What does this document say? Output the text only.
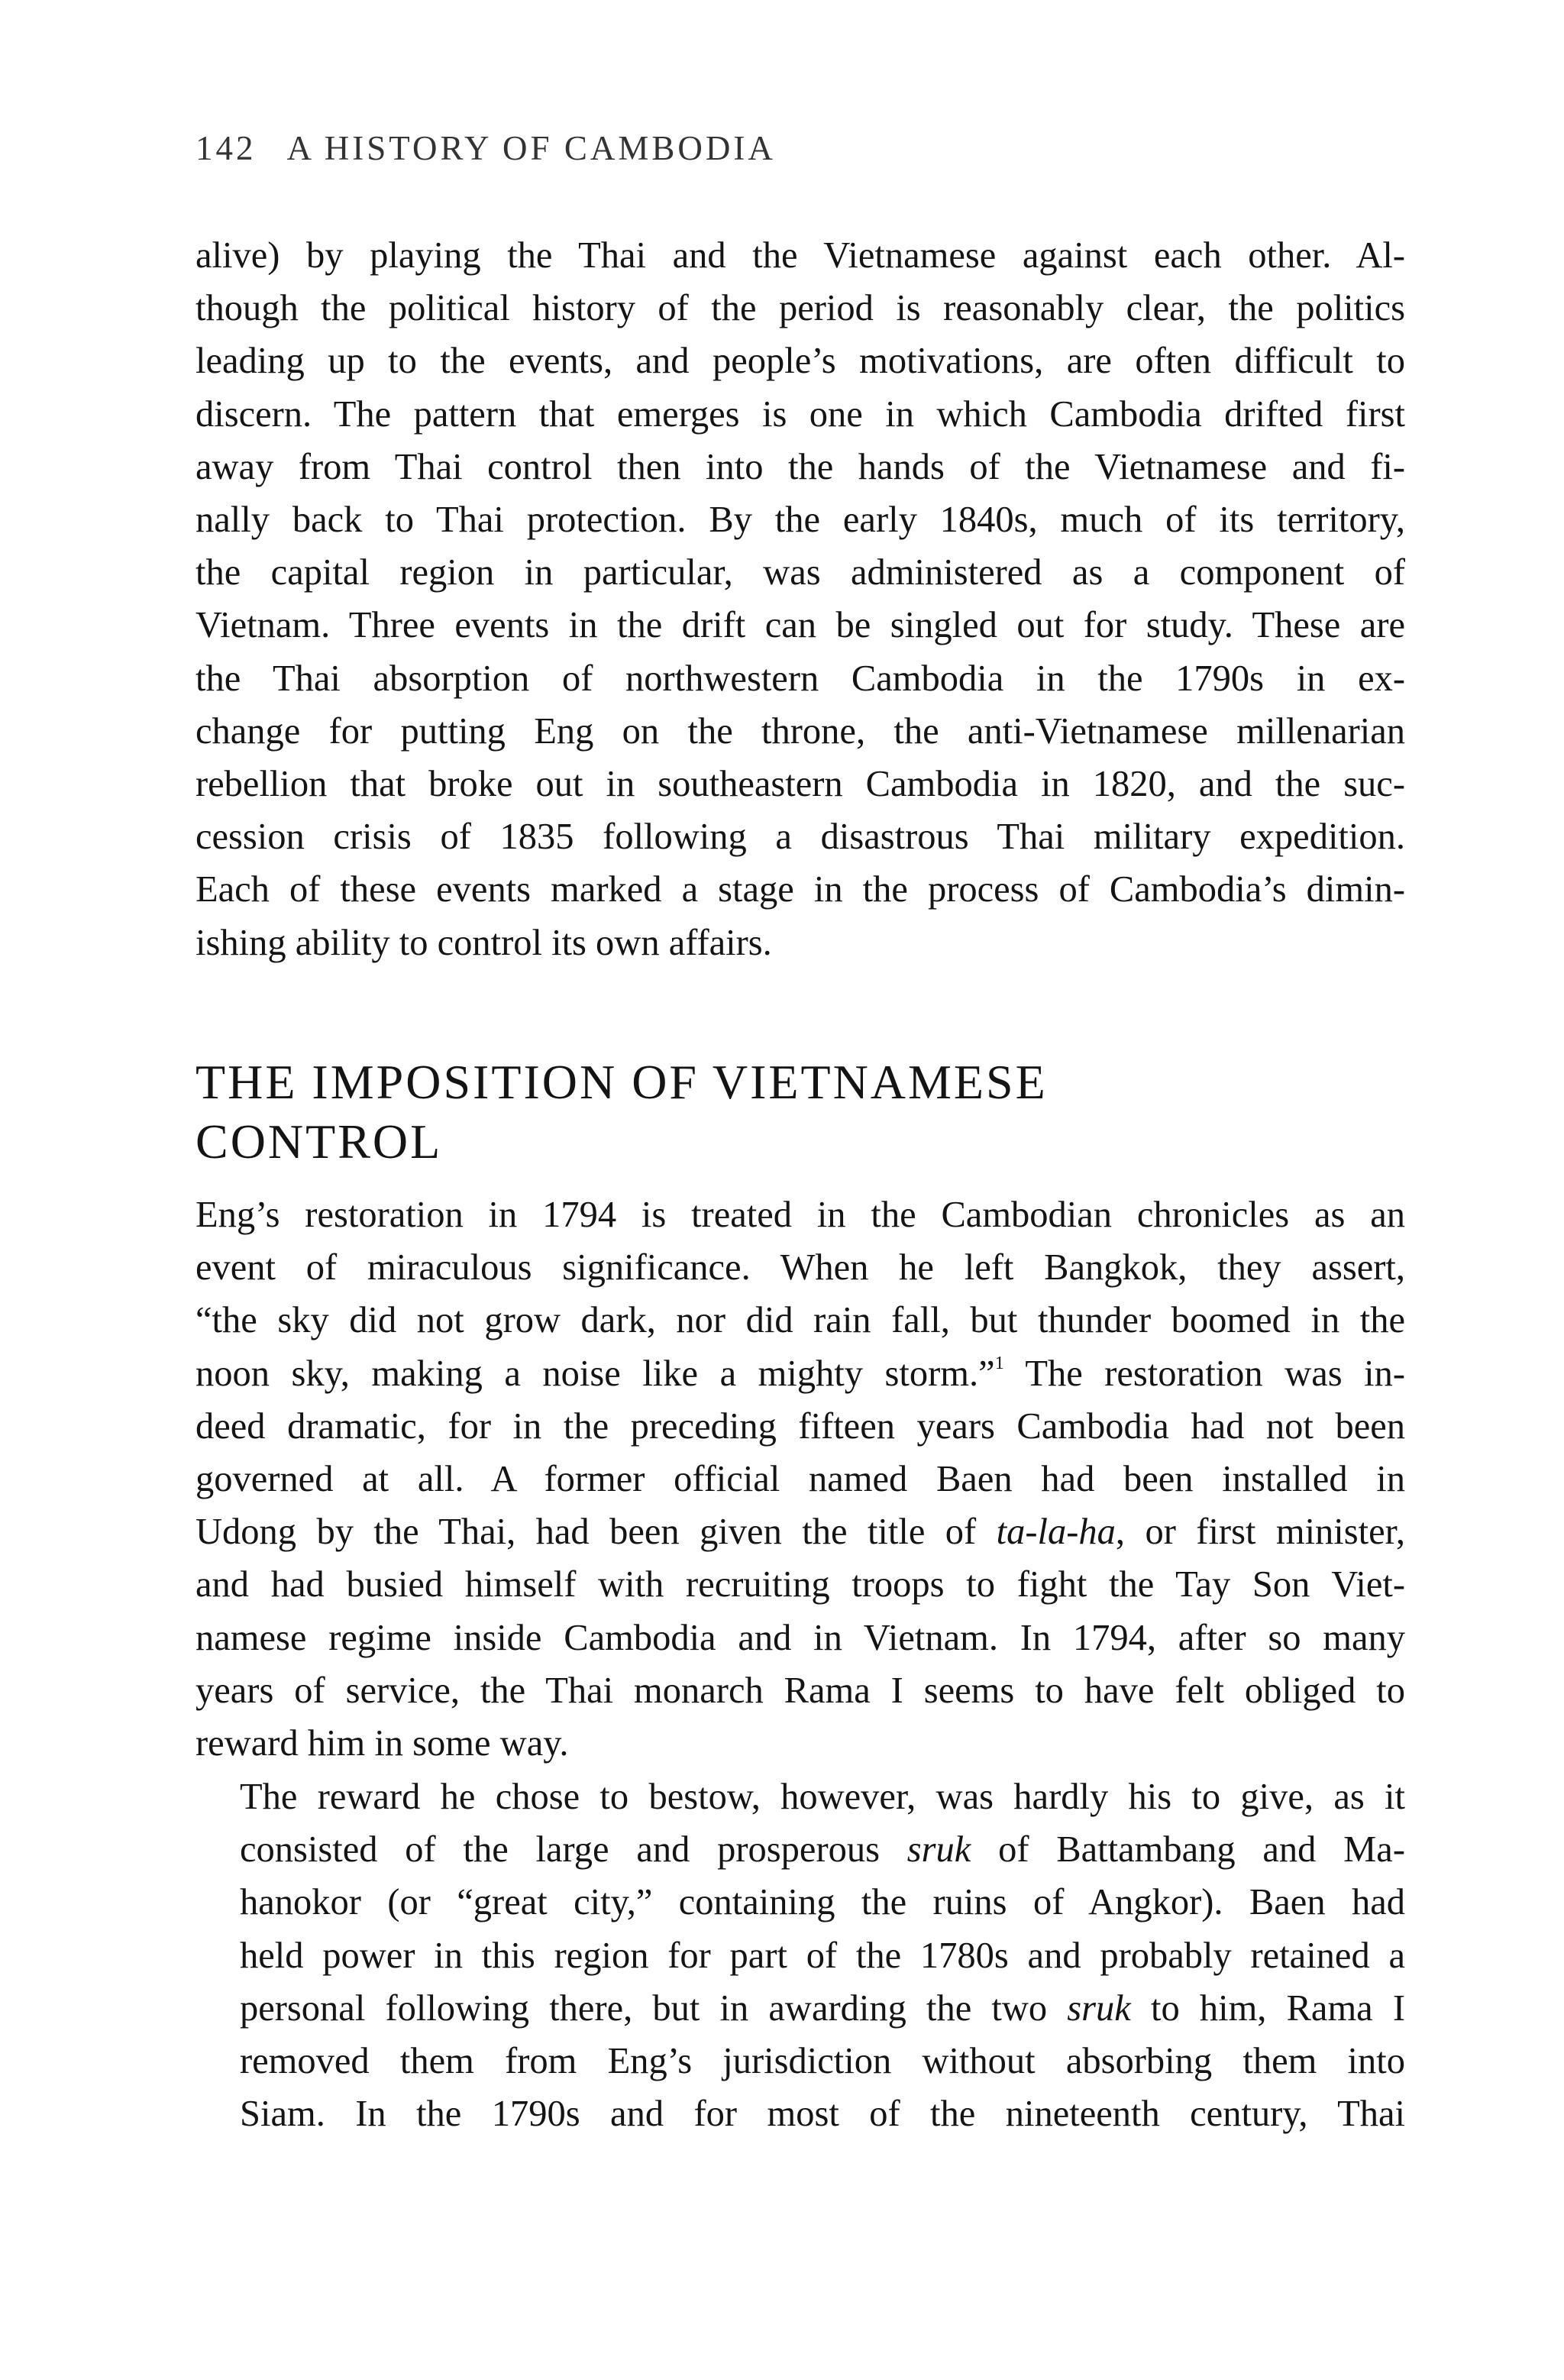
142 A HISTORY OF CAMBODIA
alive) by playing the Thai and the Vietnamese against each other. Al-
though the political history of the period is reasonably clear, the politics
leading up to the events, and people’s motivations, are often difficult to
discern. The pattern that emerges is one in which Cambodia drifted first
away from Thai control then into the hands of the Vietnamese and fi-
nally back to Thai protection. By the early 1840s, much of its territory,
the capital region in particular, was administered as a component of
Vietnam. Three events in the drift can be singled out for study. These are
the Thai absorption of northwestern Cambodia in the 1790s in ex-
change for putting Eng on the throne, the anti-Vietnamese millenarian
rebellion that broke out in southeastern Cambodia in 1820, and the suc-
cession crisis of 1835 following a disastrous Thai military expedition.
Each of these events marked a stage in the process of Cambodia’s dimin-
ishing ability to control its own affairs.
THE IMPOSITION OF VIETNAMESE
CONTROL
Eng’s restoration in 1794 is treated in the Cambodian chronicles as an
event of miraculous significance. When he left Bangkok, they assert,
“the sky did not grow dark, nor did rain fall, but thunder boomed in the
noon sky, making a noise like a mighty storm.”$^1$ The restoration was in-
deed dramatic, for in the preceding fifteen years Cambodia had not been
governed at all. A former official named Baen had been installed in
Udong by the Thai, had been given the title of ta-la-ha, or first minister,
and had busied himself with recruiting troops to fight the Tay Son Viet-
namese regime inside Cambodia and in Vietnam. In 1794, after so many
years of service, the Thai monarch Rama I seems to have felt obliged to
reward him in some way.
The reward he chose to bestow, however, was hardly his to give, as it
consisted of the large and prosperous sruk of Battambang and Ma-
hanokor (or “great city,” containing the ruins of Angkor). Baen had
held power in this region for part of the 1780s and probably retained a
personal following there, but in awarding the two sruk to him, Rama I
removed them from Eng’s jurisdiction without absorbing them into
Siam. In the 1790s and for most of the nineteenth century, Thai
